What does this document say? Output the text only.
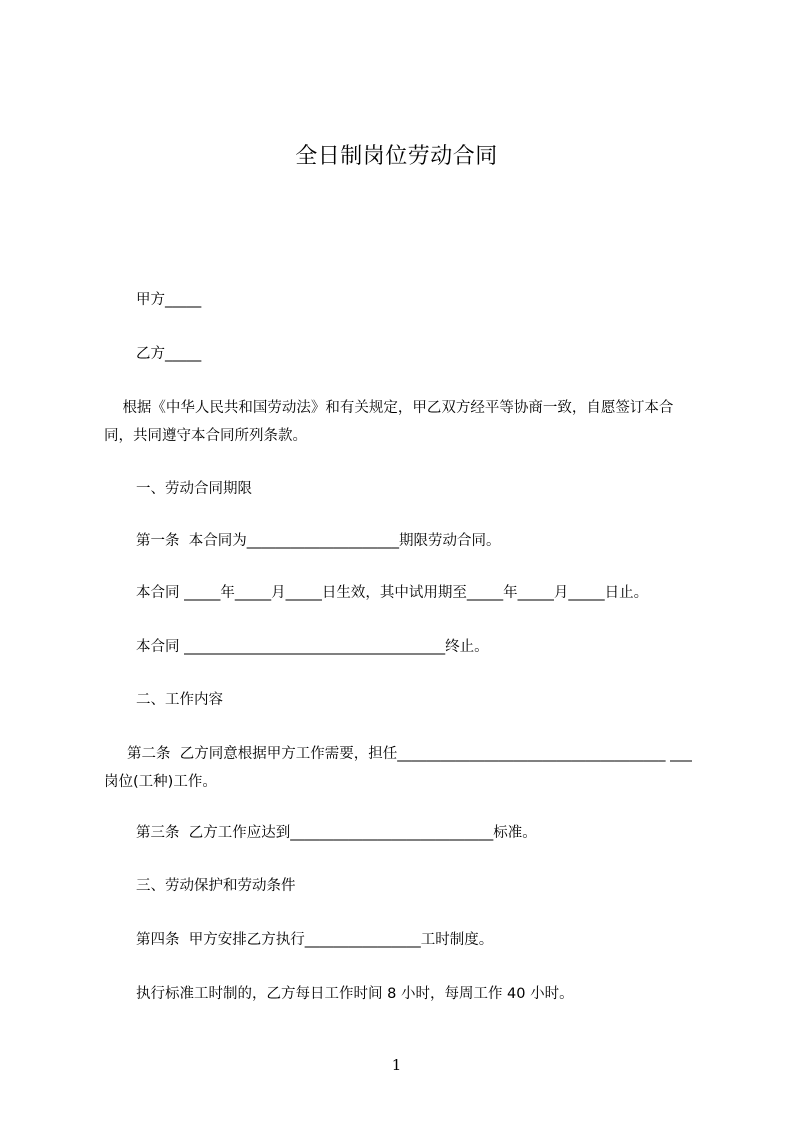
全日制岗位劳动合同
甲方_____
乙方_____
根据《中华人民共和国劳动法》和有关规定，甲乙双方经平等协商一致，自愿签订本合同，共同遵守本合同所列条款。
一、劳动合同期限
第一条  本合同为_____________________期限劳动合同。
本合同 _____年_____月_____日生效，其中试用期至_____年_____月_____日止。
本合同 ____________________________________终止。
二、工作内容
第二条  乙方同意根据甲方工作需要，担任_____________________________________ ___岗位(工种)工作。
第三条  乙方工作应达到____________________________标准。
三、劳动保护和劳动条件
第四条  甲方安排乙方执行________________工时制度。
执行标准工时制的，乙方每日工作时间 8 小时，每周工作 40 小时。
1
